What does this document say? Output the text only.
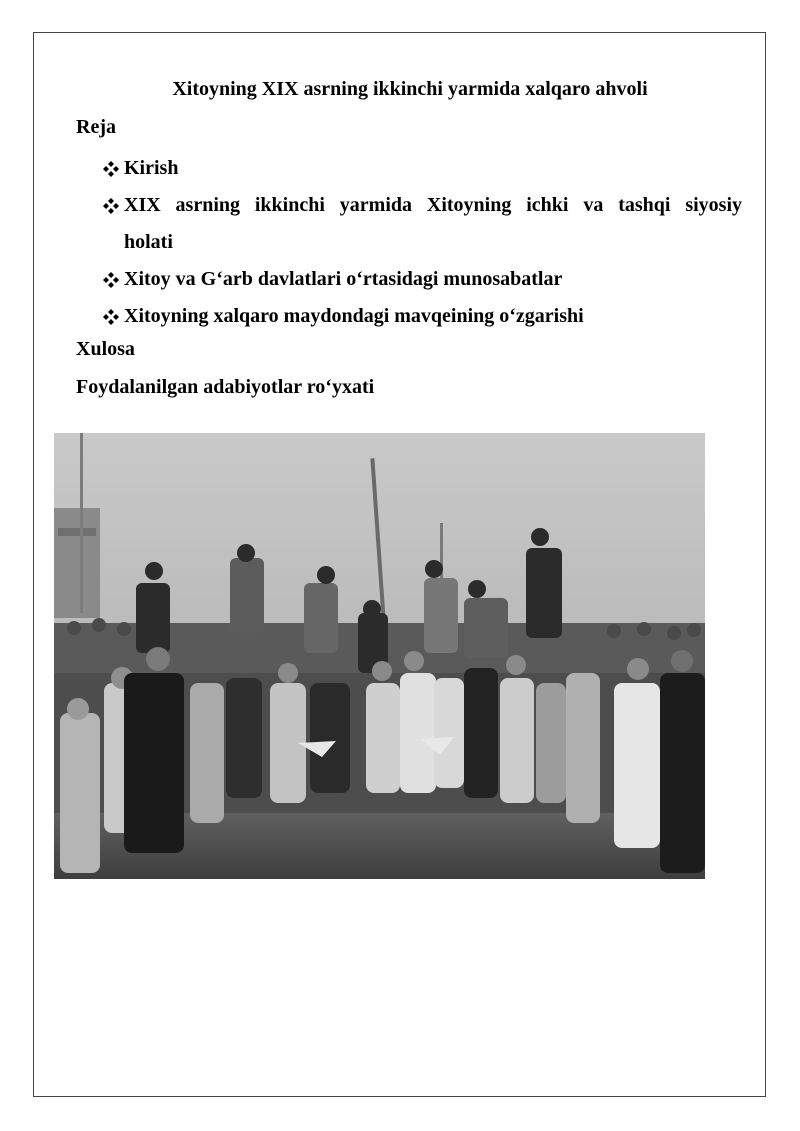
Xitoyning XIX asrning ikkinchi yarmida xalqaro ahvoli
Reja
Kirish
XIX asrning ikkinchi yarmida Xitoyning ichki va tashqi siyosiy
holati
Xitoy va G‘arb davlatlari o‘rtasidagi munosabatlar
Xitoyning xalqaro maydondagi mavqeining o‘zgarishi
Xulosa
Foydalanilgan adabiyotlar ro‘yxati
